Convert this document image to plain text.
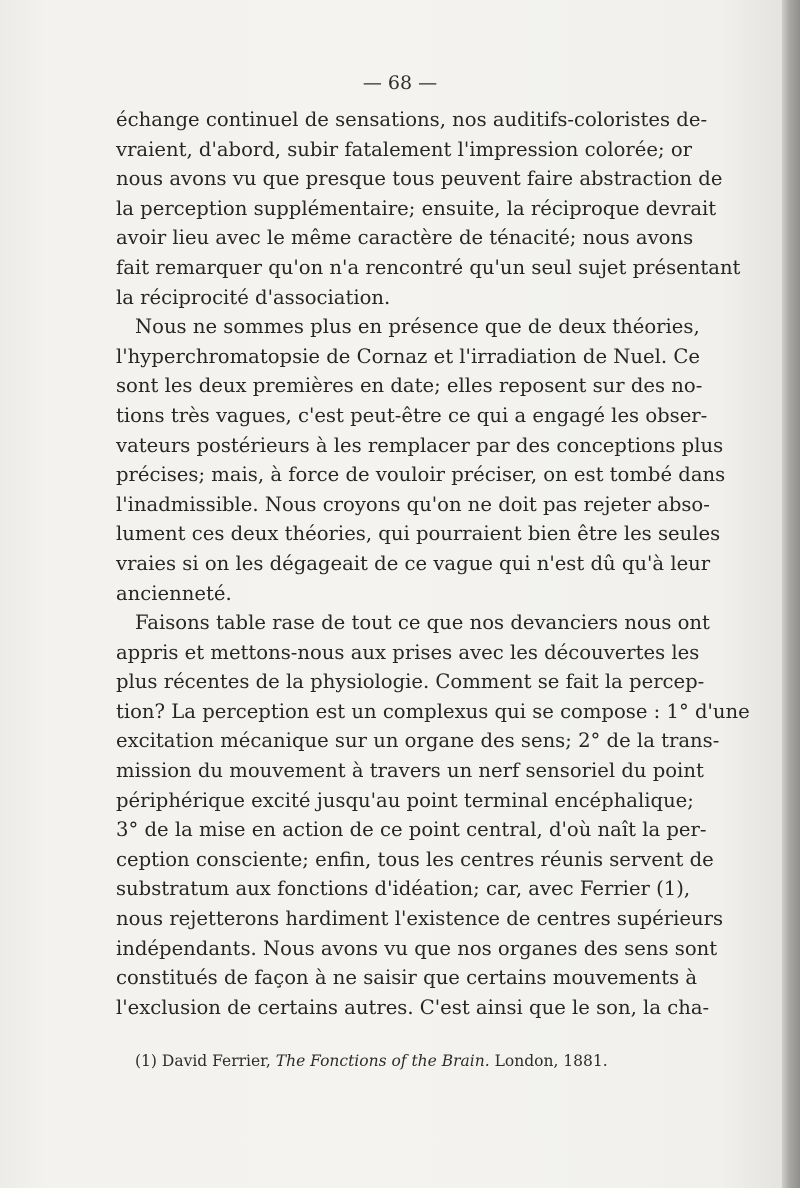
— 68 —
échange continuel de sensations, nos auditifs-coloristes de-
vraient, d'abord, subir fatalement l'impression colorée; or
nous avons vu que presque tous peuvent faire abstraction de
la perception supplémentaire; ensuite, la réciproque devrait
avoir lieu avec le même caractère de ténacité; nous avons
fait remarquer qu'on n'a rencontré qu'un seul sujet présentant
la réciprocité d'association.
Nous ne sommes plus en présence que de deux théories,
l'hyperchromatopsie de Cornaz et l'irradiation de Nuel. Ce
sont les deux premières en date; elles reposent sur des no-
tions très vagues, c'est peut-être ce qui a engagé les obser-
vateurs postérieurs à les remplacer par des conceptions plus
précises; mais, à force de vouloir préciser, on est tombé dans
l'inadmissible. Nous croyons qu'on ne doit pas rejeter abso-
lument ces deux théories, qui pourraient bien être les seules
vraies si on les dégageait de ce vague qui n'est dû qu'à leur
ancienneté.
Faisons table rase de tout ce que nos devanciers nous ont
appris et mettons-nous aux prises avec les découvertes les
plus récentes de la physiologie. Comment se fait la percep-
tion? La perception est un complexus qui se compose : 1° d'une
excitation mécanique sur un organe des sens; 2° de la trans-
mission du mouvement à travers un nerf sensoriel du point
périphérique excité jusqu'au point terminal encéphalique;
3° de la mise en action de ce point central, d'où naît la per-
ception consciente; enfin, tous les centres réunis servent de
substratum aux fonctions d'idéation; car, avec Ferrier (1),
nous rejetterons hardiment l'existence de centres supérieurs
indépendants. Nous avons vu que nos organes des sens sont
constitués de façon à ne saisir que certains mouvements à
l'exclusion de certains autres. C'est ainsi que le son, la cha-
(1) David Ferrier, The Fonctions of the Brain. London, 1881.
